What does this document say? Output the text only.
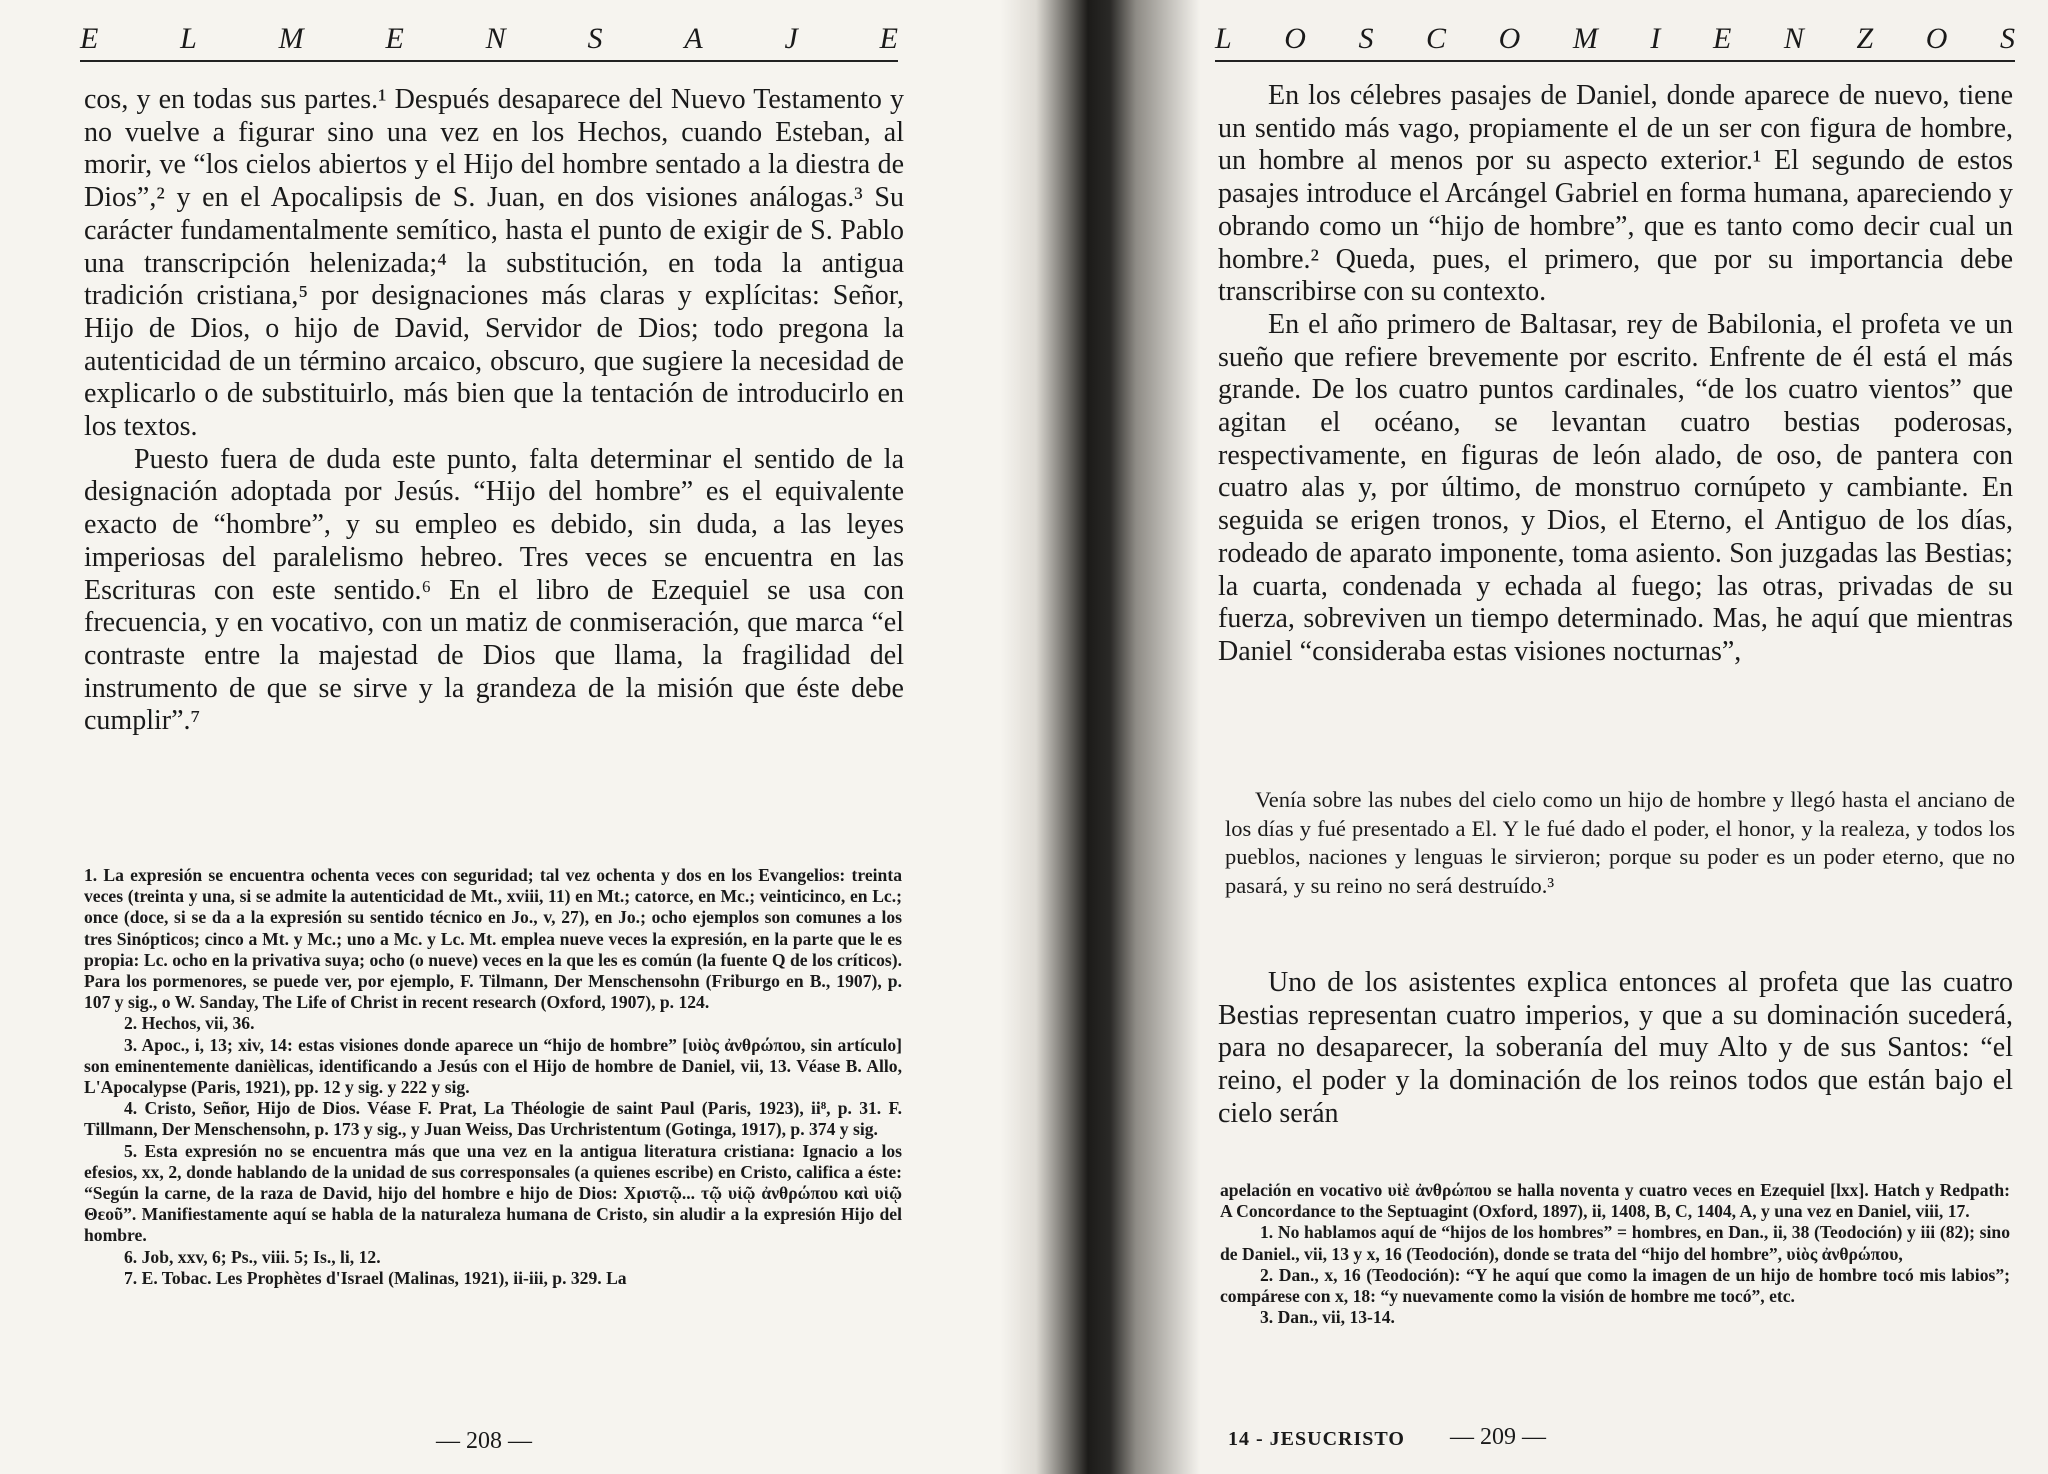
E	L	M	E	N	S	A	J	E

cos, y en todas sus partes.¹ Después desaparece del Nuevo Testamento y no vuelve a figurar sino una vez en los Hechos, cuando Esteban, al morir, ve “los cielos abiertos y el Hijo del hombre sentado a la diestra de Dios”,² y en el Apocalipsis de S. Juan, en dos visiones análogas.³ Su carácter fundamentalmente semítico, hasta el punto de exigir de S. Pablo una transcripción helenizada;⁴ la substitución, en toda la antigua tradición cristiana,⁵ por designaciones más claras y explícitas: Señor, Hijo de Dios, o hijo de David, Servidor de Dios; todo pregona la autenticidad de un término arcaico, obscuro, que sugiere la necesidad de explicarlo o de substituirlo, más bien que la tentación de introducirlo en los textos.

Puesto fuera de duda este punto, falta determinar el sentido de la designación adoptada por Jesús. “Hijo del hombre” es el equivalente exacto de “hombre”, y su empleo es debido, sin duda, a las leyes imperiosas del paralelismo hebreo. Tres veces se encuentra en las Escrituras con este sentido.⁶ En el libro de Ezequiel se usa con frecuencia, y en vocativo, con un matiz de conmiseración, que marca “el contraste entre la majestad de Dios que llama, la fragilidad del instrumento de que se sirve y la grandeza de la misión que éste debe cumplir”.⁷

1. La expresión se encuentra ochenta veces con seguridad; tal vez ochenta y dos en los Evangelios: treinta veces (treinta y una, si se admite la autenticidad de Mt., xviii, 11) en Mt.; catorce, en Mc.; veinticinco, en Lc.; once (doce, si se da a la expresión su sentido técnico en Jo., v, 27), en Jo.; ocho ejemplos son comunes a los tres Sinópticos; cinco a Mt. y Mc.; uno a Mc. y Lc. Mt. emplea nueve veces la expresión, en la parte que le es propia: Lc. ocho en la privativa suya; ocho (o nueve) veces en la que les es común (la fuente Q de los críticos). Para los pormenores, se puede ver, por ejemplo, F. Tilmann, Der Menschensohn (Friburgo en B., 1907), p. 107 y sig., o W. Sanday, The Life of Christ in recent research (Oxford, 1907), p. 124.

2. Hechos, vii, 36.

3. Apoc., i, 13; xiv, 14: estas visiones donde aparece un “hijo de hombre” [υἱὸς ἀνθρώπου, sin artículo] son eminentemente danièlicas, identificando a Jesús con el Hijo de hombre de Daniel, vii, 13. Véase B. Allo, L'Apocalypse (Paris, 1921), pp. 12 y sig. y 222 y sig.

4. Cristo, Señor, Hijo de Dios. Véase F. Prat, La Théologie de saint Paul (Paris, 1923), ii⁸, p. 31. F. Tillmann, Der Menschensohn, p. 173 y sig., y Juan Weiss, Das Urchristentum (Gotinga, 1917), p. 374 y sig.

5. Esta expresión no se encuentra más que una vez en la antigua literatura cristiana: Ignacio a los efesios, xx, 2, donde hablando de la unidad de sus corresponsales (a quienes escribe) en Cristo, califica a éste: “Según la carne, de la raza de David, hijo del hombre e hijo de Dios: Χριστῷ... τῷ υἱῷ ἀνθρώπου καὶ υἱῷ Θεοῦ”. Manifiestamente aquí se habla de la naturaleza humana de Cristo, sin aludir a la expresión Hijo del hombre.

6. Job, xxv, 6; Ps., viii. 5; Is., li, 12.

7. E. Tobac. Les Prophètes d'Israel (Malinas, 1921), ii-iii, p. 329. La

— 208 —
L O S C O M I E N Z O S

En los célebres pasajes de Daniel, donde aparece de nuevo, tiene un sentido más vago, propiamente el de un ser con figura de hombre, un hombre al menos por su aspecto exterior.¹ El segundo de estos pasajes introduce el Arcángel Gabriel en forma humana, apareciendo y obrando como un “hijo de hombre”, que es tanto como decir cual un hombre.² Queda, pues, el primero, que por su importancia debe transcribirse con su contexto.

En el año primero de Baltasar, rey de Babilonia, el profeta ve un sueño que refiere brevemente por escrito. Enfrente de él está el más grande. De los cuatro puntos cardinales, “de los cuatro vientos” que agitan el océano, se levantan cuatro bestias poderosas, respectivamente, en figuras de león alado, de oso, de pantera con cuatro alas y, por último, de monstruo cornúpeto y cambiante. En seguida se erigen tronos, y Dios, el Eterno, el Antiguo de los días, rodeado de aparato imponente, toma asiento. Son juzgadas las Bestias; la cuarta, condenada y echada al fuego; las otras, privadas de su fuerza, sobreviven un tiempo determinado. Mas, he aquí que mientras Daniel “consideraba estas visiones nocturnas”,

Venía sobre las nubes del cielo como un hijo de hombre y llegó hasta el anciano de los días y fué presentado a El. Y le fué dado el poder, el honor, y la realeza, y todos los pueblos, naciones y lenguas le sirvieron; porque su poder es un poder eterno, que no pasará, y su reino no será destruído.³

Uno de los asistentes explica entonces al profeta que las cuatro Bestias representan cuatro imperios, y que a su dominación sucederá, para no desaparecer, la soberanía del muy Alto y de sus Santos: “el reino, el poder y la dominación de los reinos todos que están bajo el cielo serán

apelación en vocativo υἱὲ ἀνθρώπου se halla noventa y cuatro veces en Ezequiel [lxx]. Hatch y Redpath: A Concordance to the Septuagint (Oxford, 1897), ii, 1408, B, C, 1404, A, y una vez en Daniel, viii, 17.

1. No hablamos aquí de “hijos de los hombres” = hombres, en Dan., ii, 38 (Teodoción) y iii (82); sino de Daniel., vii, 13 y x, 16 (Teodoción), donde se trata del “hijo del hombre”, υἱὸς ἀνθρώπου,

2. Dan., x, 16 (Teodoción): “Y he aquí que como la imagen de un hijo de hombre tocó mis labios”; compárese con x, 18: “y nuevamente como la visión de hombre me tocó”, etc.

3. Dan., vii, 13-14.

14 - JESUCRISTO — 209 —
